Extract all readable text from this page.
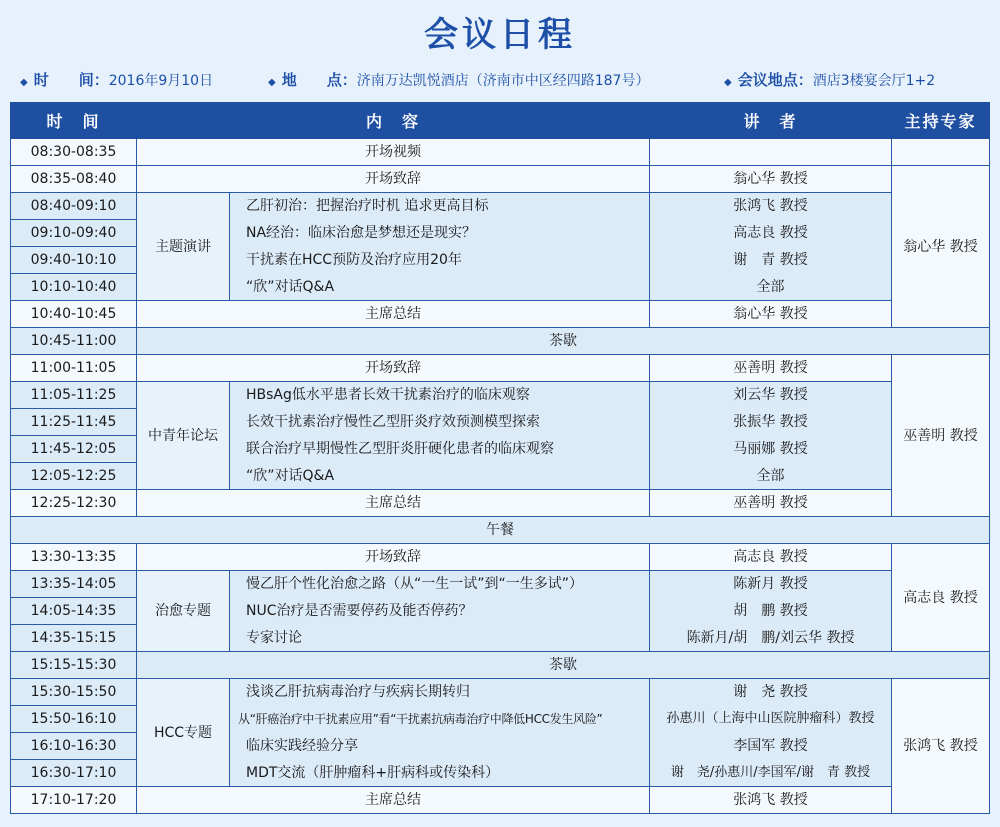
会议日程
◆ 时　　间：2016年9月10日	◆ 地　　点：济南万达凯悦酒店（济南市中区经四路187号）	◆ 会议地点：酒店3楼宴会厅1+2
时　间	内　容		讲　者	主持专家
08:30-08:35	开场视频			
08:35-08:40	开场致辞		翁心华 教授	翁心华 教授
08:40-09:10	主题演讲	乙肝初治：把握治疗时机 追求更高目标	张鸿飞 教授	
09:10-09:40		NA经治：临床治愈是梦想还是现实？	高志良 教授	
09:40-10:10		干扰素在HCC预防及治疗应用20年	谢　青 教授	
10:10-10:40		“欣”对话Q&A	全部	
10:40-10:45	主席总结		翁心华 教授	
10:45-11:00	茶歇			
11:00-11:05	开场致辞		巫善明 教授	巫善明 教授
11:05-11:25	中青年论坛	HBsAg低水平患者长效干扰素治疗的临床观察	刘云华 教授	
11:25-11:45		长效干扰素治疗慢性乙型肝炎疗效预测模型探索	张振华 教授	
11:45-12:05		联合治疗早期慢性乙型肝炎肝硬化患者的临床观察	马丽娜 教授	
12:05-12:25		“欣”对话Q&A	全部	
12:25-12:30	主席总结		巫善明 教授	
午餐				
13:30-13:35	开场致辞		高志良 教授	高志良 教授
13:35-14:05	治愈专题	慢乙肝个性化治愈之路（从“一生一试”到“一生多试”）	陈新月 教授	
14:05-14:35		NUC治疗是否需要停药及能否停药？	胡　鹏 教授	
14:35-15:15		专家讨论	陈新月/胡　鹏/刘云华 教授	
15:15-15:30	茶歇			
15:30-15:50	HCC专题	浅谈乙肝抗病毒治疗与疾病长期转归	谢　尧 教授	张鸿飞 教授
15:50-16:10		从“肝癌治疗中干扰素应用”看“干扰素抗病毒治疗中降低HCC发生风险”	孙惠川（上海中山医院肿瘤科）教授	
16:10-16:30		临床实践经验分享	李国军 教授	
16:30-17:10		MDT交流（肝肿瘤科+肝病科或传染科）	谢　尧/孙惠川/李国军/谢　青 教授	
17:10-17:20	主席总结		张鸿飞 教授	
